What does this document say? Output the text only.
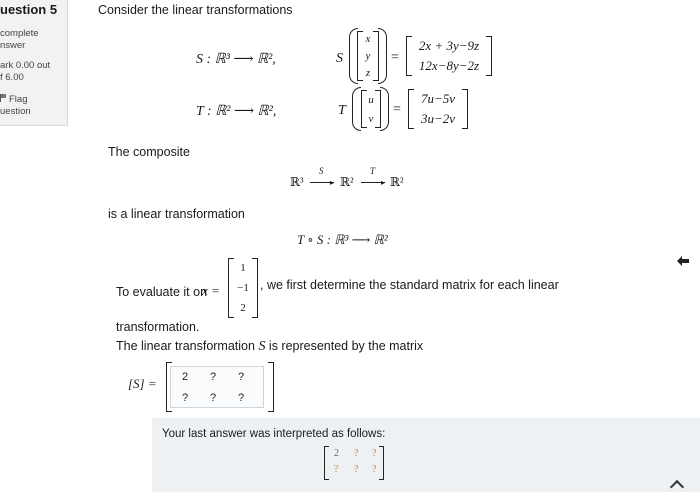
uestion 5
complete
nswer
ark 0.00 out
f 6.00
Flag
uestion
Consider the linear transformations
S : ℝ³ ⟶ ℝ²,	S
x
y
z
=
2x + 3y−9z
12x−8y−2z
T : ℝ² ⟶ ℝ²,	T
u
v
=
7u−5v
3u−2v
The composite
ℝ³
S
▸ ℝ²
T
▸ ℝ²
is a linear transformation
T ∘ S : ℝ³ ⟶ ℝ²
To evaluate it on
x =
1
−1
2
, we first determine the standard matrix for each linear
transformation.
The linear transformation S is represented by the matrix
[S] =	2	?	?
?	?	?
Your last answer was interpreted as follows:
2 ? ?
? ? ?
